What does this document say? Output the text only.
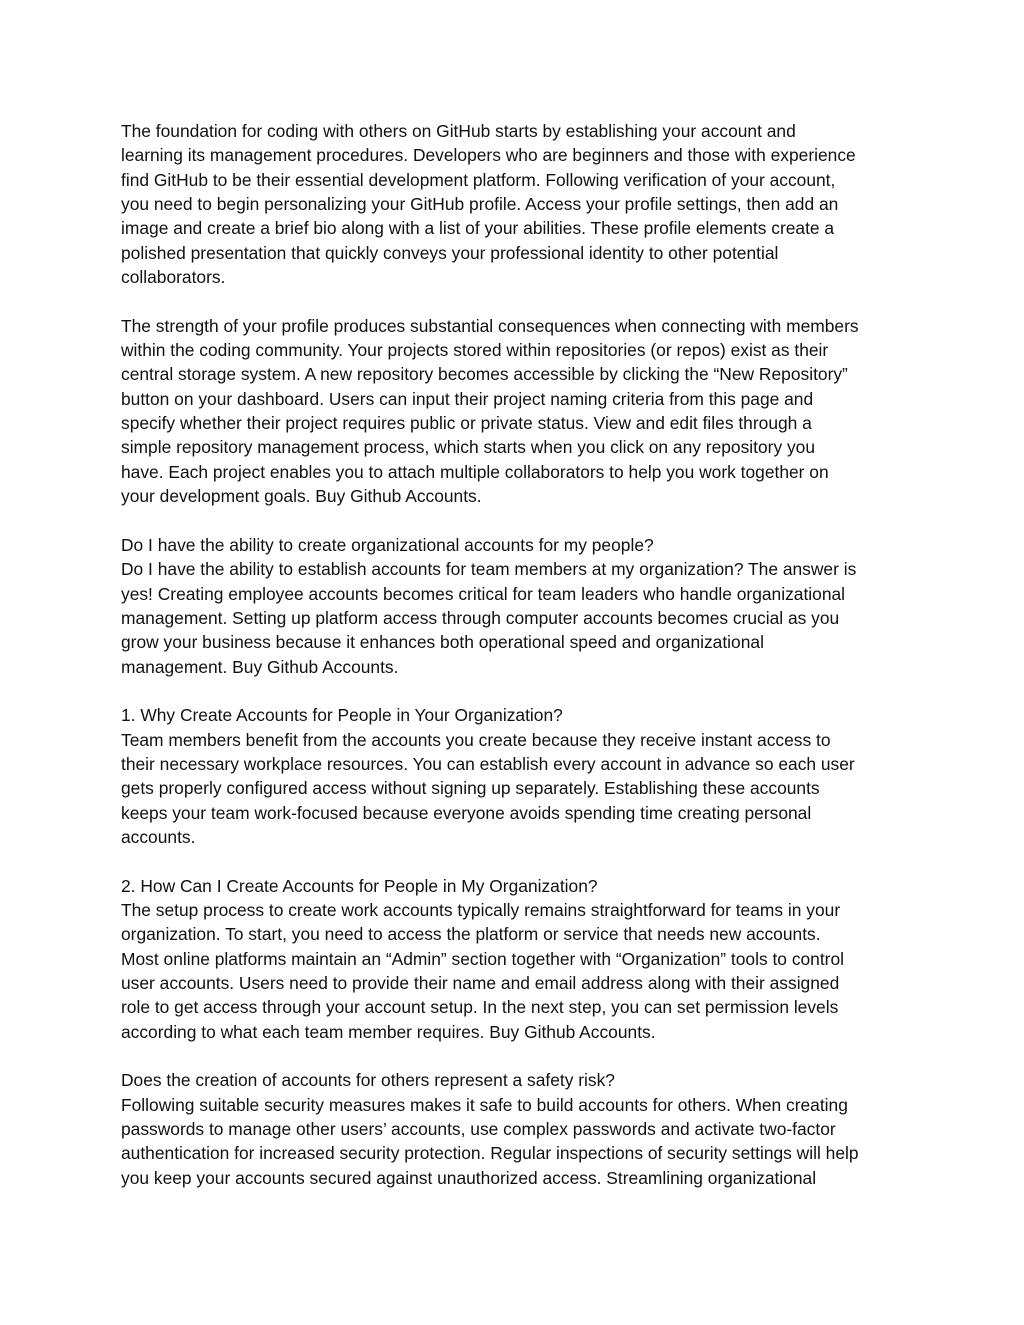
The foundation for coding with others on GitHub starts by establishing your account and
learning its management procedures. Developers who are beginners and those with experience
find GitHub to be their essential development platform. Following verification of your account,
you need to begin personalizing your GitHub profile. Access your profile settings, then add an
image and create a brief bio along with a list of your abilities. These profile elements create a
polished presentation that quickly conveys your professional identity to other potential
collaborators.
The strength of your profile produces substantial consequences when connecting with members
within the coding community. Your projects stored within repositories (or repos) exist as their
central storage system. A new repository becomes accessible by clicking the “New Repository”
button on your dashboard. Users can input their project naming criteria from this page and
specify whether their project requires public or private status. View and edit files through a
simple repository management process, which starts when you click on any repository you
have. Each project enables you to attach multiple collaborators to help you work together on
your development goals. Buy Github Accounts.
Do I have the ability to create organizational accounts for my people?
Do I have the ability to establish accounts for team members at my organization? The answer is
yes! Creating employee accounts becomes critical for team leaders who handle organizational
management. Setting up platform access through computer accounts becomes crucial as you
grow your business because it enhances both operational speed and organizational
management. Buy Github Accounts.
1. Why Create Accounts for People in Your Organization?
Team members benefit from the accounts you create because they receive instant access to
their necessary workplace resources. You can establish every account in advance so each user
gets properly configured access without signing up separately. Establishing these accounts
keeps your team work-focused because everyone avoids spending time creating personal
accounts.
2. How Can I Create Accounts for People in My Organization?
The setup process to create work accounts typically remains straightforward for teams in your
organization. To start, you need to access the platform or service that needs new accounts.
Most online platforms maintain an “Admin” section together with “Organization” tools to control
user accounts. Users need to provide their name and email address along with their assigned
role to get access through your account setup. In the next step, you can set permission levels
according to what each team member requires. Buy Github Accounts.
Does the creation of accounts for others represent a safety risk?
Following suitable security measures makes it safe to build accounts for others. When creating
passwords to manage other users’ accounts, use complex passwords and activate two-factor
authentication for increased security protection. Regular inspections of security settings will help
you keep your accounts secured against unauthorized access. Streamlining organizational
